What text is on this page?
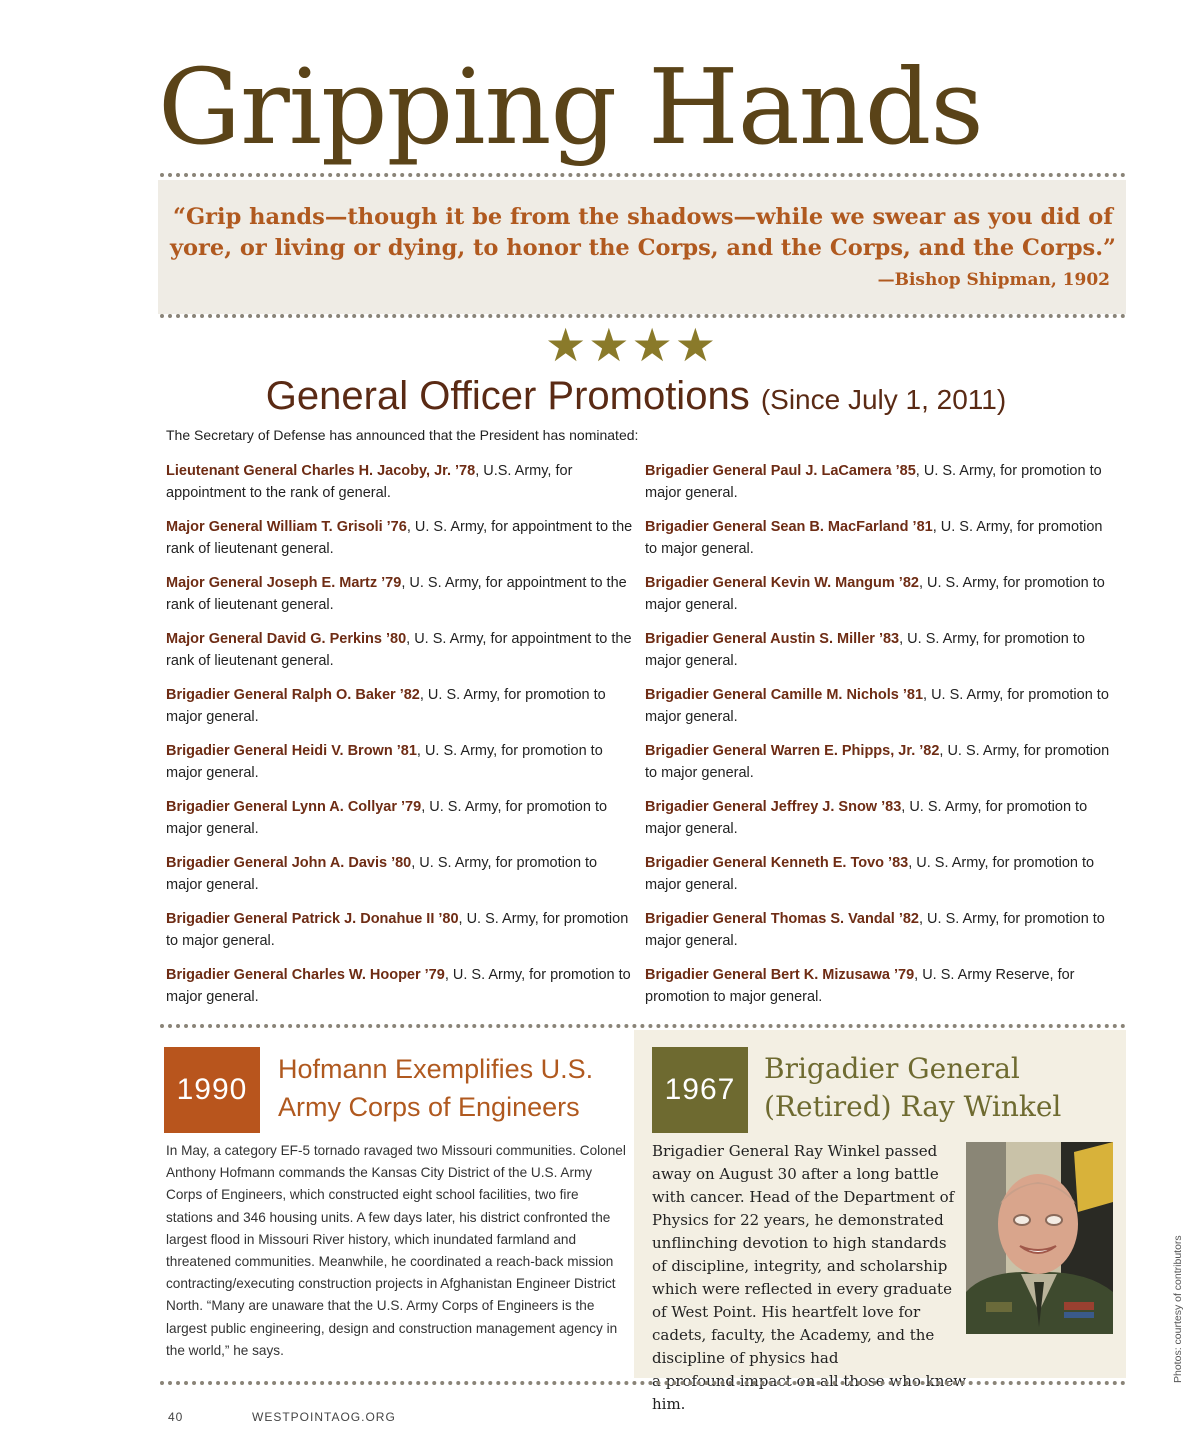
Gripping Hands
“Grip hands—though it be from the shadows—while we swear as you did of yore, or living or dying, to honor the Corps, and the Corps, and the Corps.”
—Bishop Shipman, 1902
★★★★
General Officer Promotions (Since July 1, 2011)
The Secretary of Defense has announced that the President has nominated:
Lieutenant General Charles H. Jacoby, Jr. ’78, U.S. Army, for appointment to the rank of general.
Major General William T. Grisoli ’76, U. S. Army, for appointment to the rank of lieutenant general.
Major General Joseph E. Martz ’79, U. S. Army, for appointment to the rank of lieutenant general.
Major General David G. Perkins ’80, U. S. Army, for appointment to the rank of lieutenant general.
Brigadier General Ralph O. Baker ’82, U. S. Army, for promotion to major general.
Brigadier General Heidi V. Brown ’81, U. S. Army, for promotion to major general.
Brigadier General Lynn A. Collyar ’79, U. S. Army, for promotion to major general.
Brigadier General John A. Davis ’80, U. S. Army, for promotion to major general.
Brigadier General Patrick J. Donahue II ’80, U. S. Army, for promotion to major general.
Brigadier General Charles W. Hooper ’79, U. S. Army, for promotion to major general.
Brigadier General Paul J. LaCamera ’85, U. S. Army, for promotion to major general.
Brigadier General Sean B. MacFarland ’81, U. S. Army, for promotion to major general.
Brigadier General Kevin W. Mangum ’82, U. S. Army, for promotion to major general.
Brigadier General Austin S. Miller ’83, U. S. Army, for promotion to major general.
Brigadier General Camille M. Nichols ’81, U. S. Army, for promotion to major general.
Brigadier General Warren E. Phipps, Jr. ’82, U. S. Army, for promotion to major general.
Brigadier General Jeffrey J. Snow ’83, U. S. Army, for promotion to major general.
Brigadier General Kenneth E. Tovo ’83, U. S. Army, for promotion to major general.
Brigadier General Thomas S. Vandal ’82, U. S. Army, for promotion to major general.
Brigadier General Bert K. Mizusawa ’79, U. S. Army Reserve, for promotion to major general.
1990
Hofmann Exemplifies U.S. Army Corps of Engineers
In May, a category EF-5 tornado ravaged two Missouri communities. Colonel Anthony Hofmann commands the Kansas City District of the U.S. Army Corps of Engineers, which constructed eight school facilities, two fire stations and 346 housing units. A few days later, his district confronted the largest flood in Missouri River history, which inundated farmland and threatened communities. Meanwhile, he coordinated a reach-back mission contracting/executing construction projects in Afghanistan Engineer District North. “Many are unaware that the U.S. Army Corps of Engineers is the largest public engineering, design and construction management agency in the world,” he says.
1967
Brigadier General (Retired) Ray Winkel
Brigadier General Ray Winkel passed away on August 30 after a long battle with cancer. Head of the Department of Physics for 22 years, he demonstrated unflinching devotion to high standards of discipline, integrity, and scholarship which were reflected in every graduate of West Point. His heartfelt love for cadets, faculty, the Academy, and the discipline of physics had
a profound impact on all those who knew him.
Photos: courtesy of contributors
40	WESTPOINTAOG.ORG
